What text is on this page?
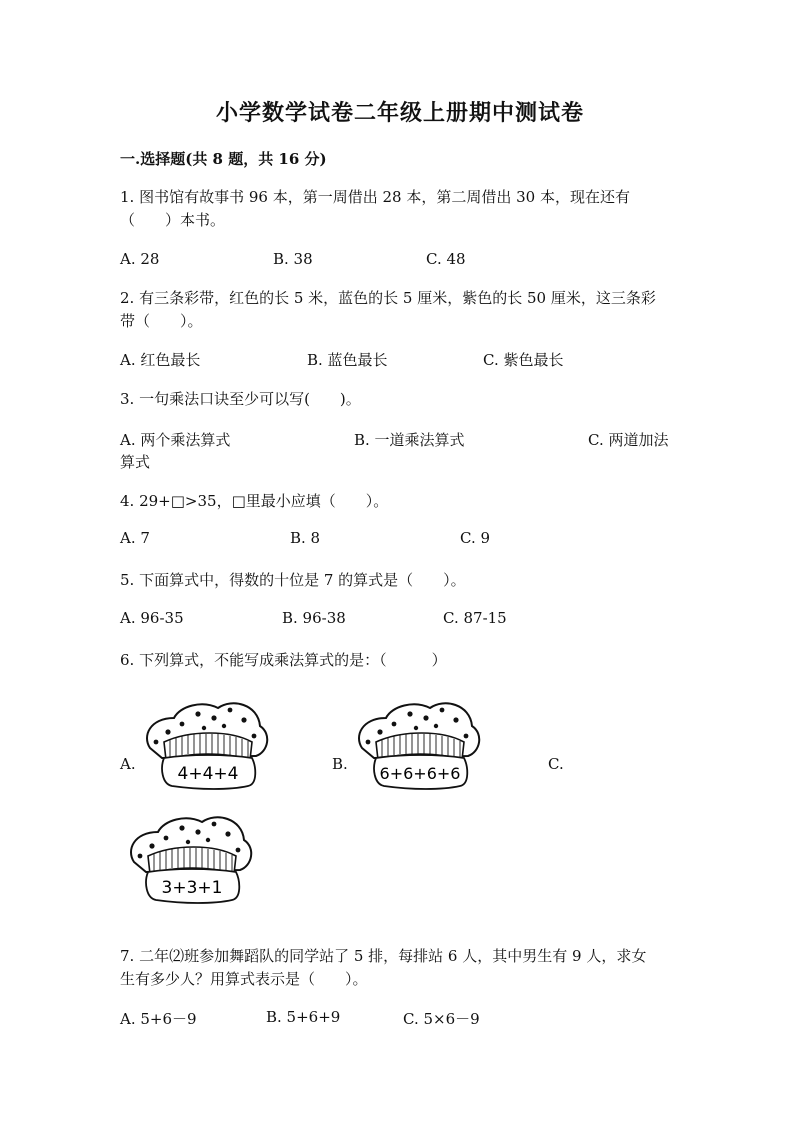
小学数学试卷二年级上册期中测试卷
一.选择题(共 8 题，共 16 分)
1. 图书馆有故事书 96 本，第一周借出 28 本，第二周借出 30 本，现在还有
（　　）本书。
A. 28	B. 38	C. 48
2. 有三条彩带，红色的长 5 米，蓝色的长 5 厘米，紫色的长 50 厘米，这三条彩
带（　　）。
A. 红色最长	B. 蓝色最长	C. 紫色最长
3. 一句乘法口诀至少可以写(　　)。
A. 两个乘法算式	B. 一道乘法算式	C. 两道加法
算式
4. 29+□>35，□里最小应填（　　）。
A. 7	B. 8	C. 9
5. 下面算式中，得数的十位是 7 的算式是（　　）。
A. 96-35	B. 96-38	C. 87-15
6. 下列算式，不能写成乘法算式的是：（　　　）
A.	B.	C.
4+4+4	6+6+6+6
3+3+1
7. 二年⑵班参加舞蹈队的同学站了 5 排，每排站 6 人，其中男生有 9 人，求女
生有多少人？用算式表示是（　　）。
A. 5+6－9	B. 5+6+9	C. 5×6－9
